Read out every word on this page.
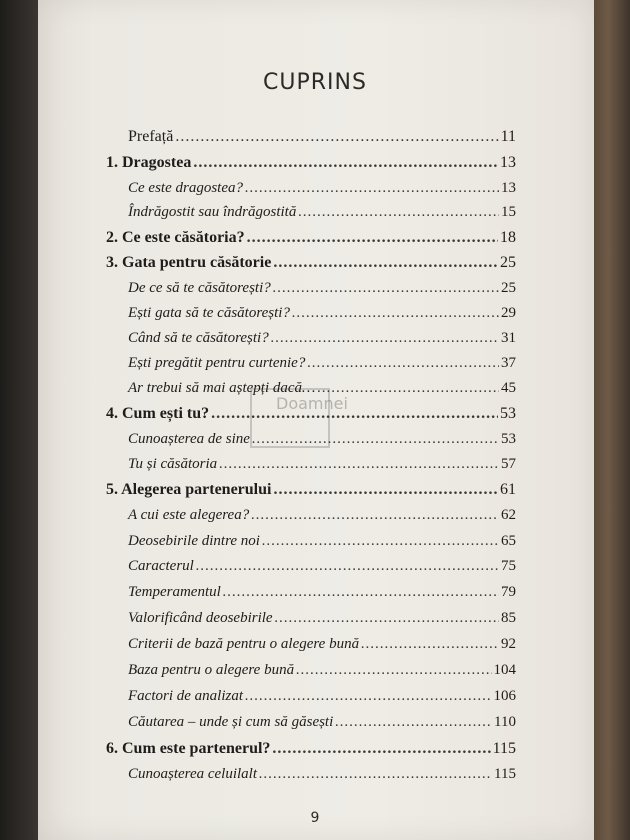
CUPRINS
Doamnei
Prefață .....	11
1. Dragostea .....	13
Ce este dragostea? .....	13
Îndrăgostit sau îndrăgostită .....	15
2. Ce este căsătoria? .....	18
3. Gata pentru căsătorie .....	25
De ce să te căsătorești? .....	25
Ești gata să te căsătorești? .....	29
Când să te căsătorești? .....	31
Ești pregătit pentru curtenie? .....	37
Ar trebui să mai aștepți dacă… .....	45
4. Cum ești tu? .....	53
Cunoașterea de sine .....	53
Tu și căsătoria .....	57
5. Alegerea partenerului .....	61
A cui este alegerea? .....	62
Deosebirile dintre noi .....	65
Caracterul .....	75
Temperamentul .....	79
Valorificând deosebirile .....	85
Criterii de bază pentru o alegere bună .....	92
Baza pentru o alegere bună .....	104
Factori de analizat .....	106
Căutarea – unde și cum să găsești .....	110
6. Cum este partenerul? .....	115
Cunoașterea celuilalt .....	115
9
